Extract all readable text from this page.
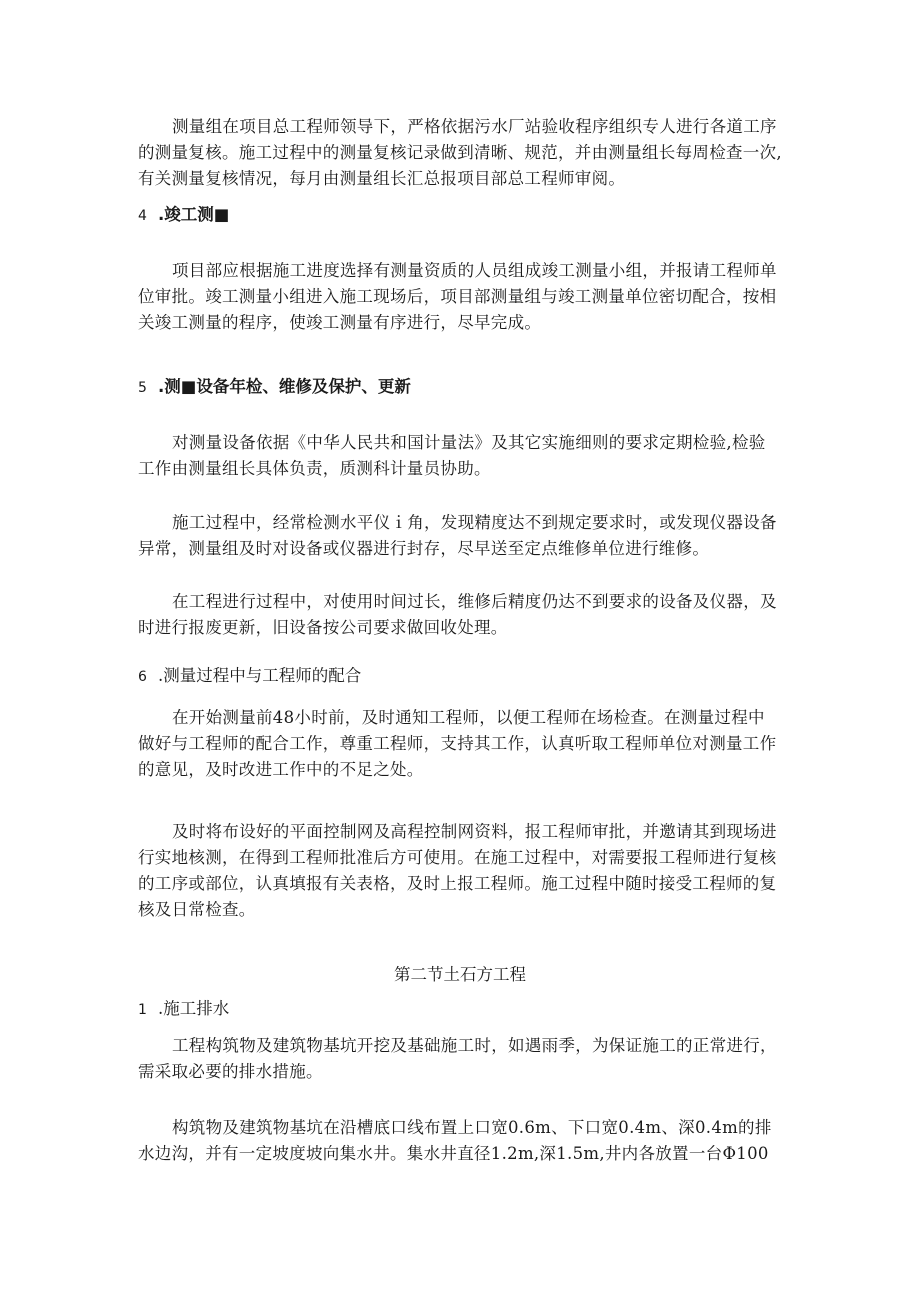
测量组在项目总工程师领导下，严格依据污水厂站验收程序组织专人进行各道工序
的测量复核。施工过程中的测量复核记录做到清晰、规范，并由测量组长每周检查一次,
有关测量复核情况，每月由测量组长汇总报项目部总工程师审阅。

4 .竣工测■

项目部应根据施工进度选择有测量资质的人员组成竣工测量小组，并报请工程师单
位审批。竣工测量小组进入施工现场后，项目部测量组与竣工测量单位密切配合，按相
关竣工测量的程序，使竣工测量有序进行，尽早完成。

5 .测■设备年检、维修及保护、更新

对测量设备依据《中华人民共和国计量法》及其它实施细则的要求定期检验,检验
工作由测量组长具体负责，质测科计量员协助。

施工过程中，经常检测水平仪ｉ角，发现精度达不到规定要求时，或发现仪器设备
异常，测量组及时对设备或仪器进行封存，尽早送至定点维修单位进行维修。

在工程进行过程中，对使用时间过长，维修后精度仍达不到要求的设备及仪器，及
时进行报废更新，旧设备按公司要求做回收处理。

6 .测量过程中与工程师的配合

在开始测量前48小时前，及时通知工程师，以便工程师在场检查。在测量过程中
做好与工程师的配合工作，尊重工程师，支持其工作，认真听取工程师单位对测量工作
的意见，及时改进工作中的不足之处。

及时将布设好的平面控制网及高程控制网资料，报工程师审批，并邀请其到现场进
行实地核测，在得到工程师批准后方可使用。在施工过程中，对需要报工程师进行复核
的工序或部位，认真填报有关表格，及时上报工程师。施工过程中随时接受工程师的复
核及日常检查。

第二节土石方工程
1 .施工排水

工程构筑物及建筑物基坑开挖及基础施工时，如遇雨季，为保证施工的正常进行，
需采取必要的排水措施。

构筑物及建筑物基坑在沿槽底口线布置上口宽0.6m、下口宽0.4m、深0.4m的排
水边沟，并有一定坡度坡向集水井。集水井直径1.2m,深1.5m,井内各放置一台Φ100
